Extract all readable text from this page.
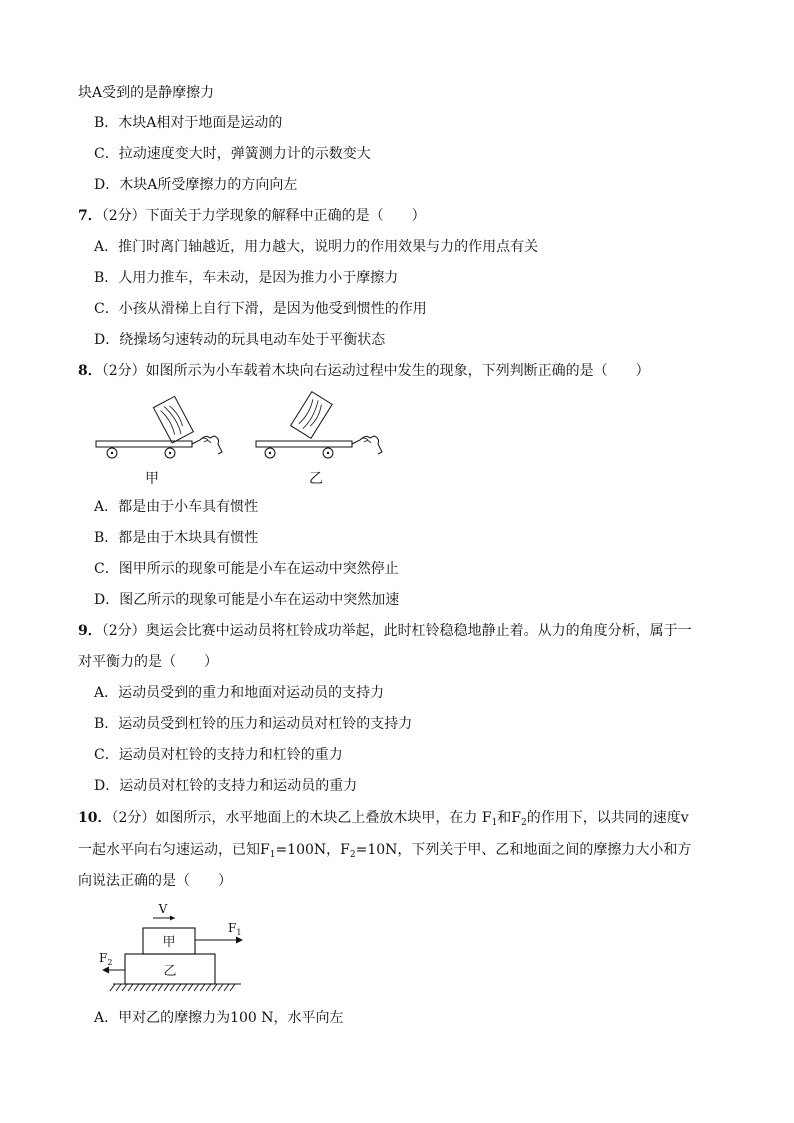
块A受到的是静摩擦力
B．木块A相对于地面是运动的
C．拉动速度变大时，弹簧测力计的示数变大
D．木块A所受摩擦力的方向向左
7．（2分）下面关于力学现象的解释中正确的是（　　）
A．推门时离门轴越近，用力越大，说明力的作用效果与力的作用点有关
B．人用力推车，车未动，是因为推力小于摩擦力
C．小孩从滑梯上自行下滑，是因为他受到惯性的作用
D．绕操场匀速转动的玩具电动车处于平衡状态
8．（2分）如图所示为小车载着木块向右运动过程中发生的现象，下列判断正确的是（　　）
甲	乙
A．都是由于小车具有惯性
B．都是由于木块具有惯性
C．图甲所示的现象可能是小车在运动中突然停止
D．图乙所示的现象可能是小车在运动中突然加速
9．（2分）奥运会比赛中运动员将杠铃成功举起，此时杠铃稳稳地静止着。从力的角度分析，属于一
对平衡力的是（　　）
A．运动员受到的重力和地面对运动员的支持力
B．运动员受到杠铃的压力和运动员对杠铃的支持力
C．运动员对杠铃的支持力和杠铃的重力
D．运动员对杠铃的支持力和运动员的重力
10．（2分）如图所示，水平地面上的木块乙上叠放木块甲，在力 $F_1$和$F_2$的作用下，以共同的速度v
一起水平向右匀速运动，已知$F_1=100N$，$F_2=10N$，下列关于甲、乙和地面之间的摩擦力大小和方
向说法正确的是（　　）
V
甲
$F_1$
乙
$F_2$
A．甲对乙的摩擦力为100 N，水平向左
